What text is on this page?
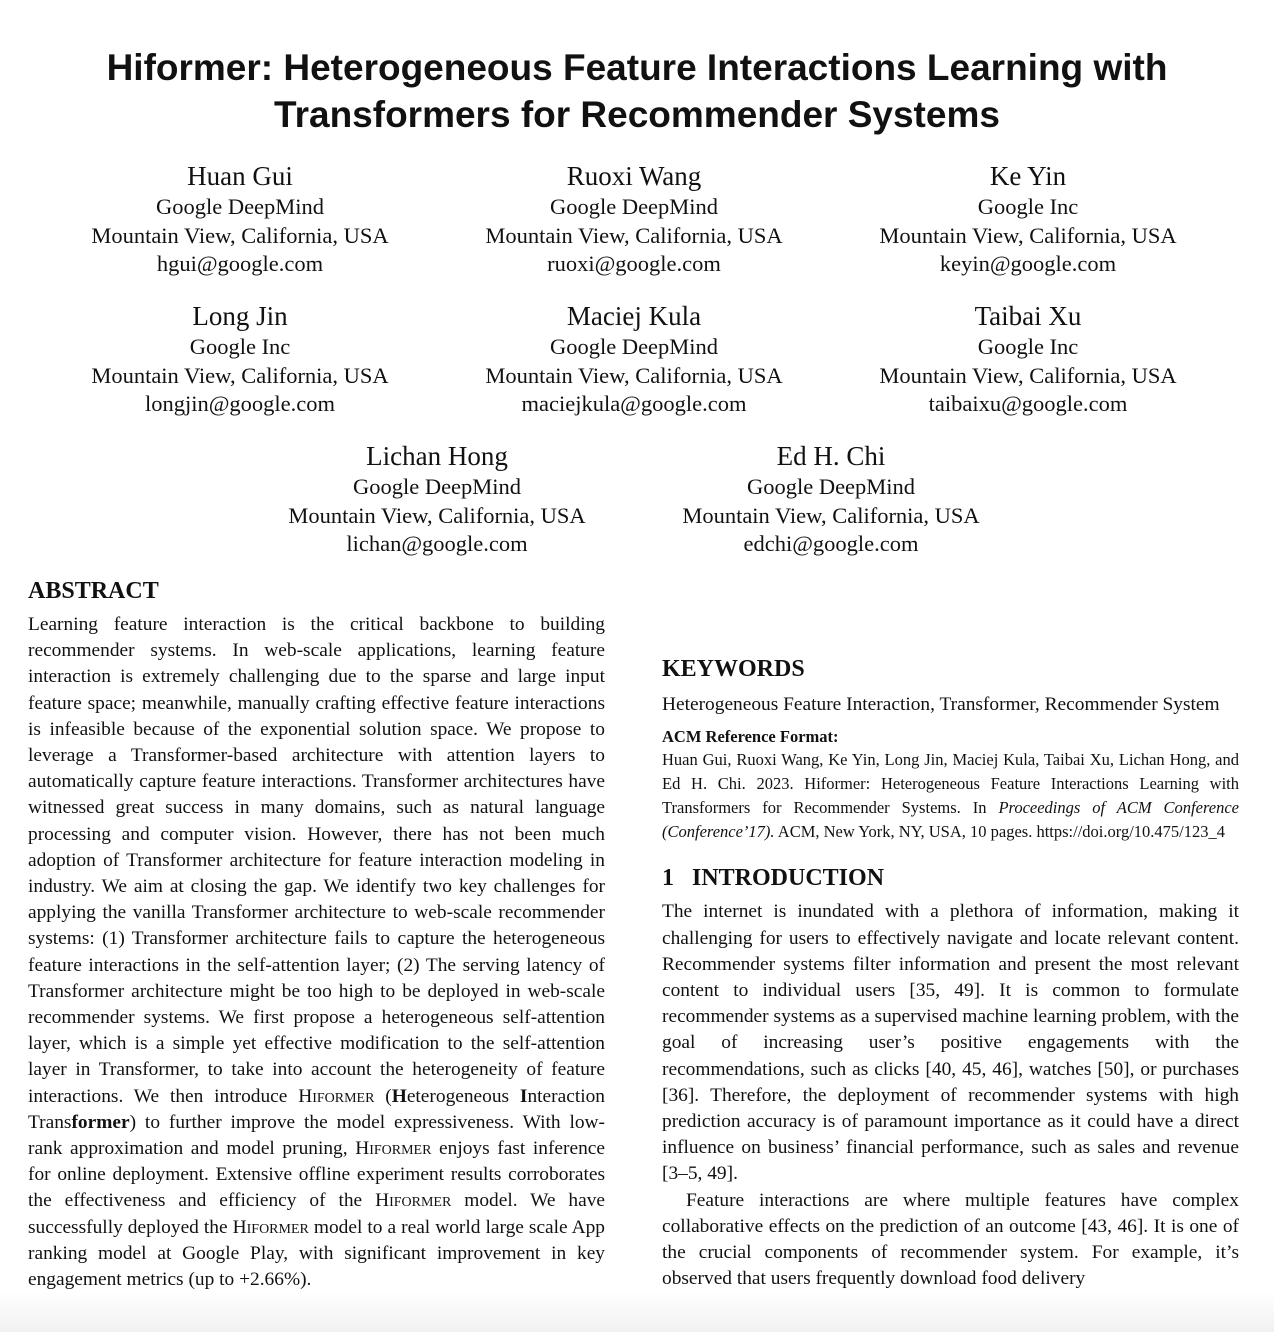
Hiformer: Heterogeneous Feature Interactions Learning with
Transformers for Recommender Systems
Huan Gui
Google DeepMind
Mountain View, California, USA
hgui@google.com
Ruoxi Wang
Google DeepMind
Mountain View, California, USA
ruoxi@google.com
Ke Yin
Google Inc
Mountain View, California, USA
keyin@google.com
Long Jin
Google Inc
Mountain View, California, USA
longjin@google.com
Maciej Kula
Google DeepMind
Mountain View, California, USA
maciejkula@google.com
Taibai Xu
Google Inc
Mountain View, California, USA
taibaixu@google.com
Lichan Hong
Google DeepMind
Mountain View, California, USA
lichan@google.com
Ed H. Chi
Google DeepMind
Mountain View, California, USA
edchi@google.com
ABSTRACT

Learning feature interaction is the critical backbone to building recommender systems. In web-scale applications, learning feature interaction is extremely challenging due to the sparse and large input feature space; meanwhile, manually crafting effective feature interactions is infeasible because of the exponential solution space. We propose to leverage a Transformer-based architecture with attention layers to automatically capture feature interactions. Transformer architectures have witnessed great success in many domains, such as natural language processing and computer vision. However, there has not been much adoption of Transformer architecture for feature interaction modeling in industry. We aim at closing the gap. We identify two key challenges for applying the vanilla Transformer architecture to web-scale recommender systems: (1) Transformer architecture fails to capture the heterogeneous feature interactions in the self-attention layer; (2) The serving latency of Transformer architecture might be too high to be deployed in web-scale recommender systems. We first propose a heterogeneous self-attention layer, which is a simple yet effective modification to the self-attention layer in Transformer, to take into account the heterogeneity of feature interactions. We then introduce Hiformer (Heterogeneous Interaction Transformer) to further improve the model expressiveness. With low-rank approximation and model pruning, Hiformer enjoys fast inference for online deployment. Extensive offline experiment results corroborates the effectiveness and efficiency of the Hiformer model. We have successfully deployed the Hiformer model to a real world large scale App ranking model at Google Play, with significant improvement in key engagement metrics (up to +2.66%).

KEYWORDS

Heterogeneous Feature Interaction, Transformer, Recommender System

ACM Reference Format:

Huan Gui, Ruoxi Wang, Ke Yin, Long Jin, Maciej Kula, Taibai Xu, Lichan Hong, and Ed H. Chi. 2023. Hiformer: Heterogeneous Feature Interactions Learning with Transformers for Recommender Systems. In Proceedings of ACM Conference (Conference’17). ACM, New York, NY, USA, 10 pages. https://doi.org/10.475/123_4

1   INTRODUCTION

The internet is inundated with a plethora of information, making it challenging for users to effectively navigate and locate relevant content. Recommender systems filter information and present the most relevant content to individual users [35, 49]. It is common to formulate recommender systems as a supervised machine learning problem, with the goal of increasing user’s positive engagements with the recommendations, such as clicks [40, 45, 46], watches [50], or purchases [36]. Therefore, the deployment of recommender systems with high prediction accuracy is of paramount importance as it could have a direct influence on business’ financial performance, such as sales and revenue [3–5, 49].

Feature interactions are where multiple features have complex collaborative effects on the prediction of an outcome [43, 46]. It is one of the crucial components of recommender system. For example, it’s observed that users frequently download food delivery
